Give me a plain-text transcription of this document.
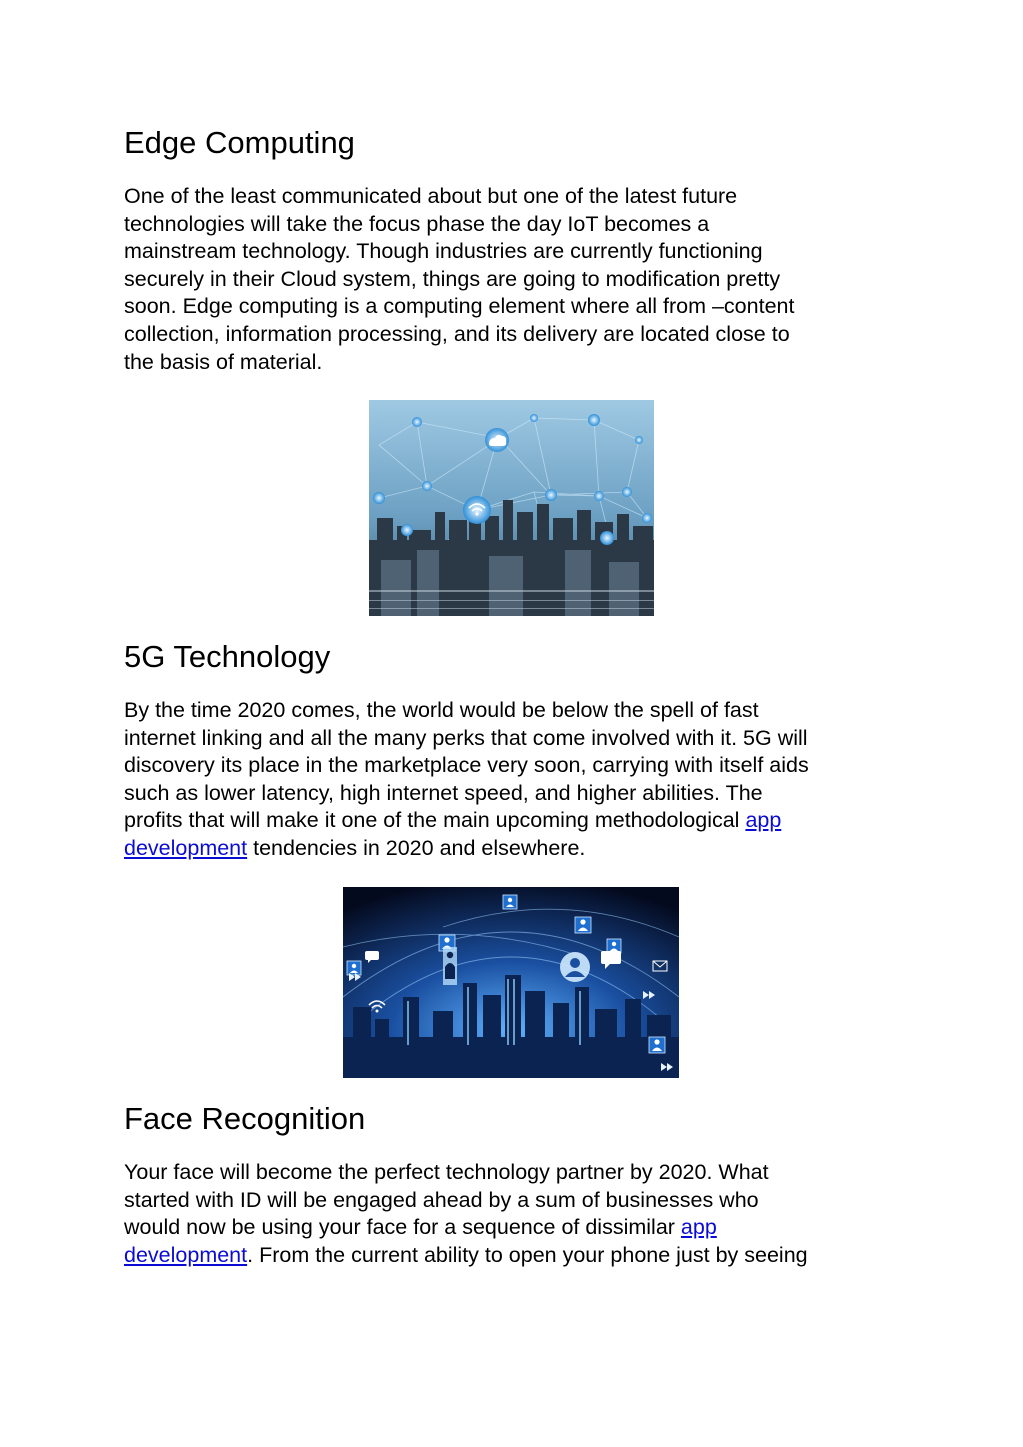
Edge Computing

One of the least communicated about but one of the latest future
technologies will take the focus phase the day IoT becomes a
mainstream technology. Though industries are currently functioning
securely in their Cloud system, things are going to modification pretty
soon. Edge computing is a computing element where all from –content
collection, information processing, and its delivery are located close to
the basis of material.

5G Technology

By the time 2020 comes, the world would be below the spell of fast
internet linking and all the many perks that come involved with it. 5G will
discovery its place in the marketplace very soon, carrying with itself aids
such as lower latency, high internet speed, and higher abilities. The
profits that will make it one of the main upcoming methodological app
development tendencies in 2020 and elsewhere.

Face Recognition

Your face will become the perfect technology partner by 2020. What
started with ID will be engaged ahead by a sum of businesses who
would now be using your face for a sequence of dissimilar app
development. From the current ability to open your phone just by seeing
